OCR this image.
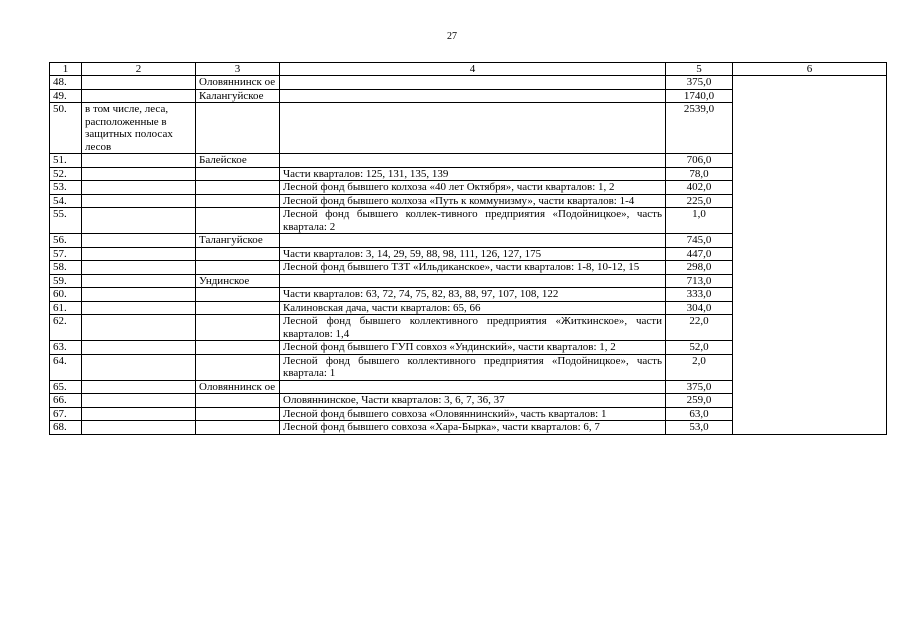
27
1	2	3	4	5	6
48.		Оловяннинск ое		375,0	
49.		Калангуйское		1740,0	
50.	в том числе, леса, расположенные в защитных полосах лесов			2539,0	
51.		Балейское		706,0	
52.			Части кварталов: 125, 131, 135, 139	78,0	
53.			Лесной фонд бывшего колхоза «40 лет Октября», части кварталов: 1, 2	402,0	
54.			Лесной фонд бывшего колхоза «Путь к коммунизму», части кварталов: 1-4	225,0	
55.			Лесной фонд бывшего коллек-тивного предприятия «Подойницкое», часть квартала: 2	1,0	
56.		Талангуйское		745,0	
57.			Части кварталов: 3, 14, 29, 59, 88, 98, 111, 126, 127, 175	447,0	
58.			Лесной фонд бывшего ТЗТ «Ильдиканское», части кварталов: 1-8, 10-12, 15	298,0	
59.		Ундинское		713,0	
60.			Части кварталов: 63, 72, 74, 75, 82, 83, 88, 97, 107, 108, 122	333,0	
61.			Калиновская дача, части кварталов: 65, 66	304,0	
62.			Лесной фонд бывшего коллективного предприятия «Житкинское», части кварталов: 1,4	22,0	
63.			Лесной фонд бывшего ГУП совхоз «Ундинский», части кварталов: 1, 2	52,0	
64.			Лесной фонд бывшего коллективного предприятия «Подойницкое», часть квартала: 1	2,0	
65.		Оловяннинск ое		375,0	
66.			Оловяннинское, Части кварталов: 3, 6, 7, 36, 37	259,0	
67.			Лесной фонд бывшего совхоза «Оловяннинский», часть кварталов: 1	63,0	
68.			Лесной фонд бывшего совхоза «Хара-Бырка», части кварталов: 6, 7	53,0	
